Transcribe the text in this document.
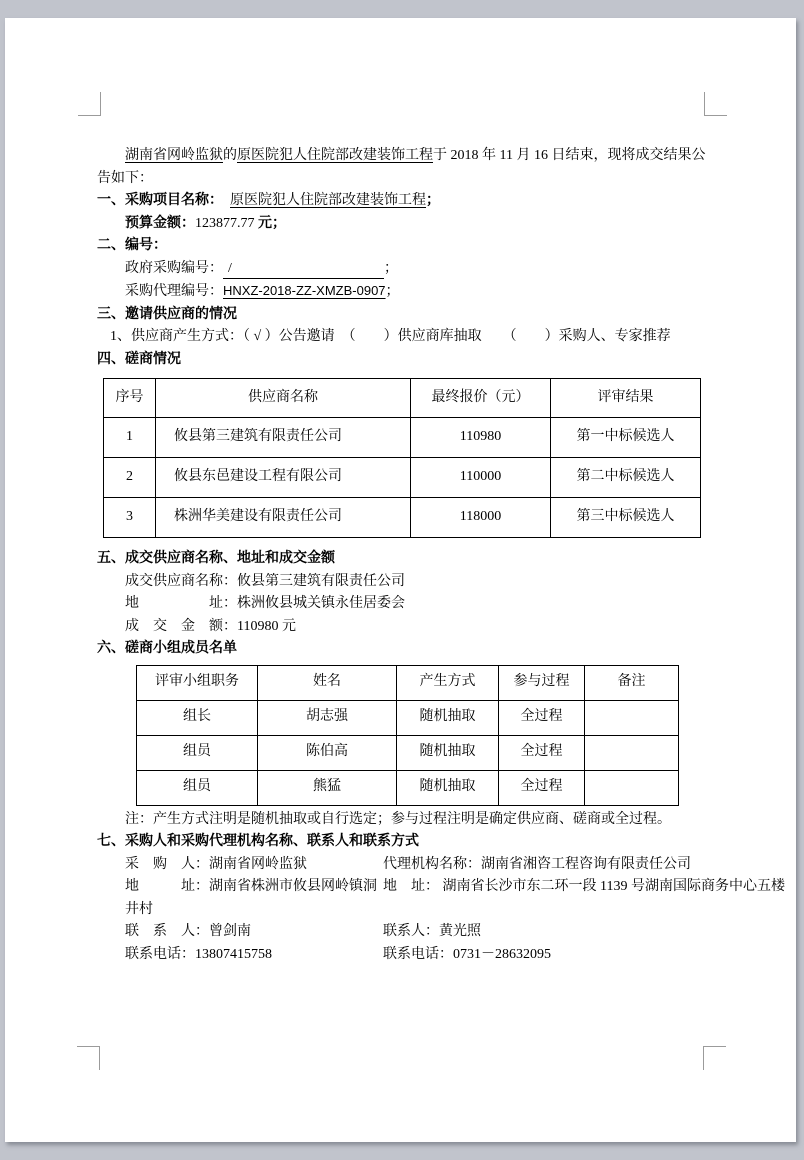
湖南省网岭监狱的原医院犯人住院部改建装饰工程于 2018 年 11 月 16 日结束，现将成交结果公告如下：

一、采购项目名称：　原医院犯人住院部改建装饰工程；
预算金额：123877.77 元；
二、编号：
政府采购编号： /	；
采购代理编号：HNXZ-2018-ZZ-XMZB-0907；
三、邀请供应商的情况
1、供应商产生方式：（ √ ）公告邀请　（　　）供应商库抽取　　（　　）采购人、专家推荐
四、磋商情况
序号	供应商名称	最终报价（元）	评审结果
1	攸县第三建筑有限责任公司	110980	第一中标候选人
2	攸县东邑建设工程有限公司	110000	第二中标候选人
3	株洲华美建设有限责任公司	118000	第三中标候选人
五、成交供应商名称、地址和成交金额
成交供应商名称：攸县第三建筑有限责任公司
地　　　　　址：株洲攸县城关镇永佳居委会
成　交　金　额：110980 元
六、磋商小组成员名单
评审小组职务	姓名	产生方式	参与过程	备注
组长	胡志强	随机抽取	全过程	
组员	陈伯高	随机抽取	全过程	
组员	熊猛	随机抽取	全过程	
注：产生方式注明是随机抽取或自行选定；参与过程注明是确定供应商、磋商或全过程。
七、采购人和采购代理机构名称、联系人和联系方式
采　购　人：湖南省网岭监狱	代理机构名称：湖南省湘咨工程咨询有限责任公司
地　　　址：湖南省株洲市攸县网岭镇洞井村
地　址： 湖南省长沙市东二环一段 1139 号湖南国际商务中心五楼
联　系　人：曾剑南	联系人：黄光照
联系电话：13807415758	联系电话：0731－28632095
